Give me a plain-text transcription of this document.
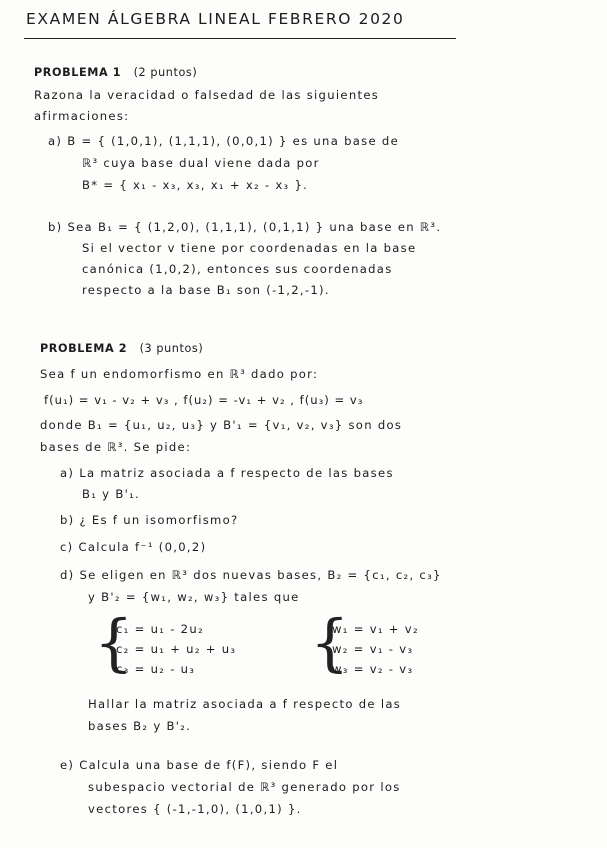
EXAMEN ÁLGEBRA LINEAL FEBRERO 2020
PROBLEMA 1 (2 puntos)
Razona la veracidad o falsedad de las siguientes
afirmaciones:
a) B = { (1,0,1), (1,1,1), (0,0,1) } es una base de
ℝ³ cuya base dual viene dada por
B* = { x₁ - x₃, x₃, x₁ + x₂ - x₃ }.
b) Sea B₁ = { (1,2,0), (1,1,1), (0,1,1) } una base en ℝ³.
Si el vector v tiene por coordenadas en la base
canónica (1,0,2), entonces sus coordenadas
respecto a la base B₁ son (-1,2,-1).
PROBLEMA 2 (3 puntos)
Sea f un endomorfismo en ℝ³ dado por:
f(u₁) = v₁ - v₂ + v₃ , f(u₂) = -v₁ + v₂ , f(u₃) = v₃
donde B₁ = {u₁, u₂, u₃} y B'₁ = {v₁, v₂, v₃} son dos
bases de ℝ³. Se pide:
a) La matriz asociada a f respecto de las bases
B₁ y B'₁.
b) ¿ Es f un isomorfismo?
c) Calcula f⁻¹ (0,0,2)
d) Se eligen en ℝ³ dos nuevas bases, B₂ = {c₁, c₂, c₃}
y B'₂ = {w₁, w₂, w₃} tales que
{
c₁ = u₁ - 2u₂
c₂ = u₁ + u₂ + u₃
c₃ = u₂ - u₃ {
w₁ = v₁ + v₂
w₂ = v₁ - v₃
w₃ = v₂ - v₃
Hallar la matriz asociada a f respecto de las
bases B₂ y B'₂.
e) Calcula una base de f(F), siendo F el
subespacio vectorial de ℝ³ generado por los
vectores { (-1,-1,0), (1,0,1) }.
